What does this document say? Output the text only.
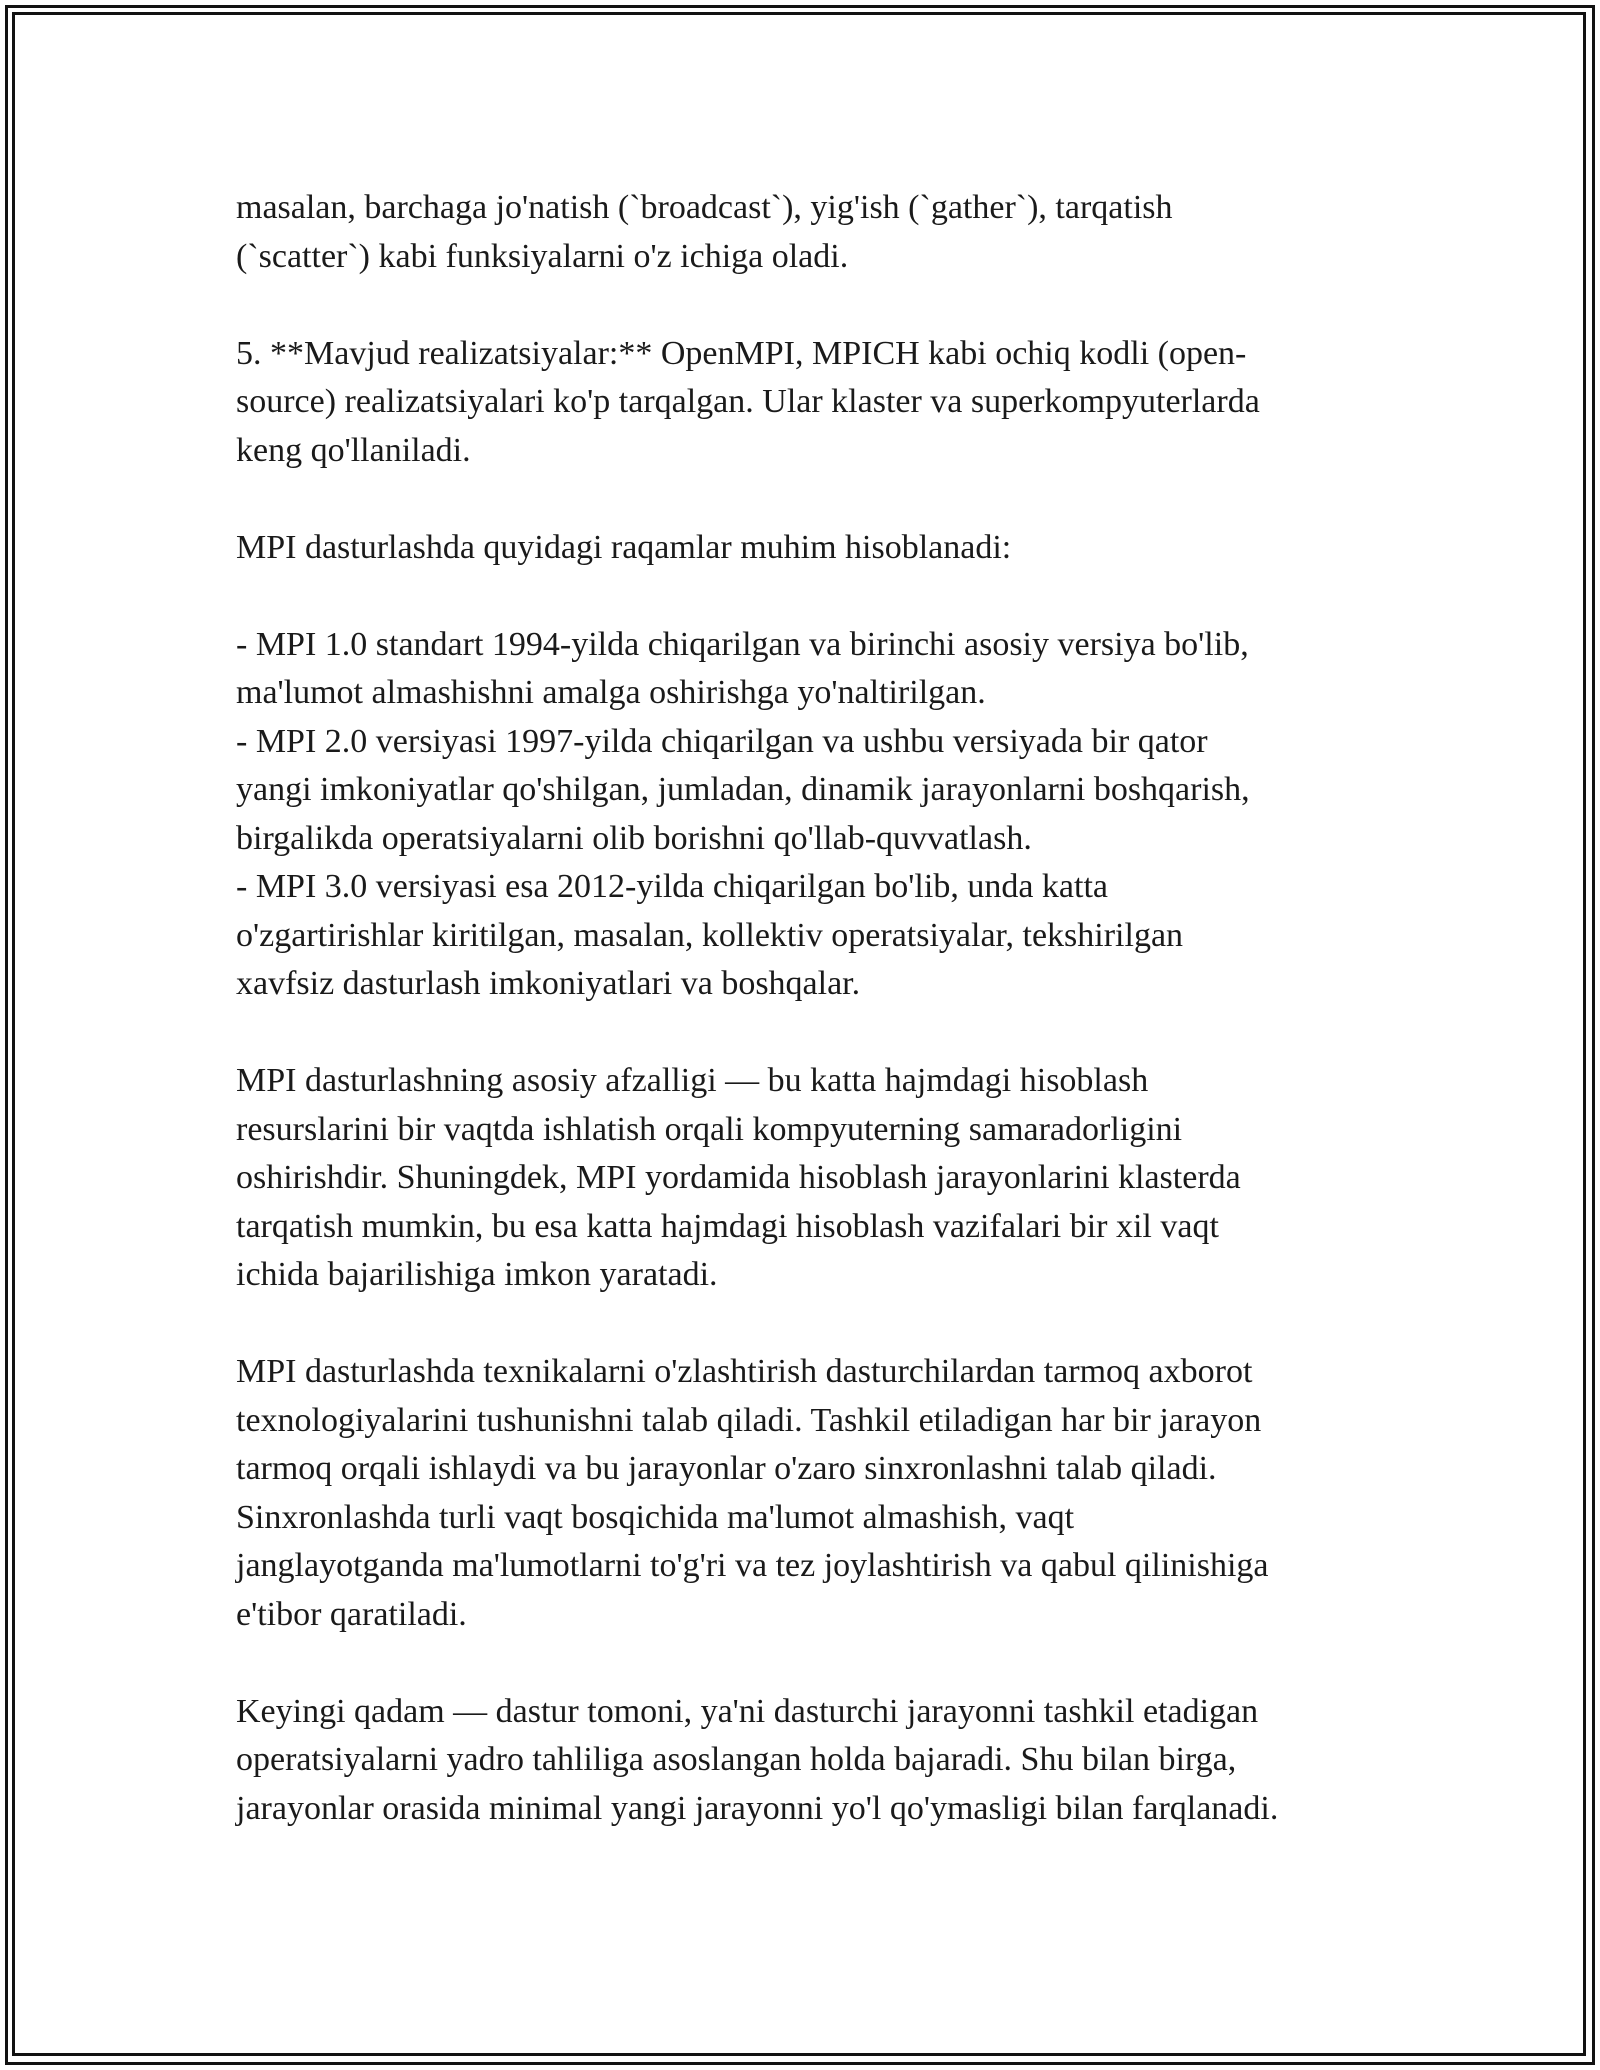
masalan, barchaga jo'natish (`broadcast`), yig'ish (`gather`), tarqatish
(`scatter`) kabi funksiyalarni o'z ichiga oladi.

5. **Mavjud realizatsiyalar:** OpenMPI, MPICH kabi ochiq kodli (open-
source) realizatsiyalari ko'p tarqalgan. Ular klaster va superkompyuterlarda
keng qo'llaniladi.

MPI dasturlashda quyidagi raqamlar muhim hisoblanadi:

- MPI 1.0 standart 1994-yilda chiqarilgan va birinchi asosiy versiya bo'lib,
ma'lumot almashishni amalga oshirishga yo'naltirilgan.
- MPI 2.0 versiyasi 1997-yilda chiqarilgan va ushbu versiyada bir qator
yangi imkoniyatlar qo'shilgan, jumladan, dinamik jarayonlarni boshqarish,
birgalikda operatsiyalarni olib borishni qo'llab-quvvatlash.
- MPI 3.0 versiyasi esa 2012-yilda chiqarilgan bo'lib, unda katta
o'zgartirishlar kiritilgan, masalan, kollektiv operatsiyalar, tekshirilgan
xavfsiz dasturlash imkoniyatlari va boshqalar.

MPI dasturlashning asosiy afzalligi — bu katta hajmdagi hisoblash
resurslarini bir vaqtda ishlatish orqali kompyuterning samaradorligini
oshirishdir. Shuningdek, MPI yordamida hisoblash jarayonlarini klasterda
tarqatish mumkin, bu esa katta hajmdagi hisoblash vazifalari bir xil vaqt
ichida bajarilishiga imkon yaratadi.

MPI dasturlashda texnikalarni o'zlashtirish dasturchilardan tarmoq axborot
texnologiyalarini tushunishni talab qiladi. Tashkil etiladigan har bir jarayon
tarmoq orqali ishlaydi va bu jarayonlar o'zaro sinxronlashni talab qiladi.
Sinxronlashda turli vaqt bosqichida ma'lumot almashish, vaqt
janglayotganda ma'lumotlarni to'g'ri va tez joylashtirish va qabul qilinishiga
e'tibor qaratiladi.

Keyingi qadam — dastur tomoni, ya'ni dasturchi jarayonni tashkil etadigan
operatsiyalarni yadro tahliliga asoslangan holda bajaradi. Shu bilan birga,
jarayonlar orasida minimal yangi jarayonni yo'l qo'ymasligi bilan farqlanadi.
